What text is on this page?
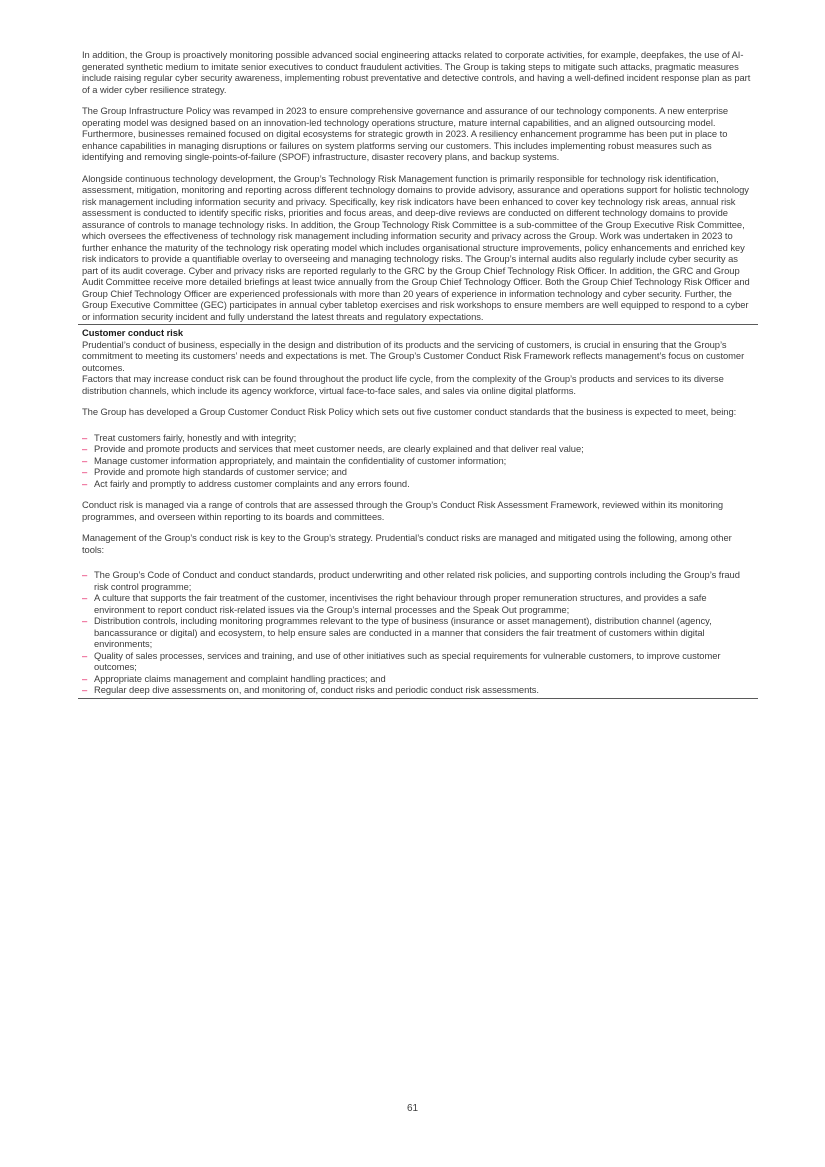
In addition, the Group is proactively monitoring possible advanced social engineering attacks related to corporate activities, for example, deepfakes, the use of AI-generated synthetic medium to imitate senior executives to conduct fraudulent activities. The Group is taking steps to mitigate such attacks, pragmatic measures include raising regular cyber security awareness, implementing robust preventative and detective controls, and having a well-defined incident response plan as part of a wider cyber resilience strategy.

The Group Infrastructure Policy was revamped in 2023 to ensure comprehensive governance and assurance of our technology components. A new enterprise operating model was designed based on an innovation-led technology operations structure, mature internal capabilities, and an aligned outsourcing model. Furthermore, businesses remained focused on digital ecosystems for strategic growth in 2023. A resiliency enhancement programme has been put in place to enhance capabilities in managing disruptions or failures on system platforms serving our customers. This includes implementing robust measures such as identifying and removing single-points-of-failure (SPOF) infrastructure, disaster recovery plans, and backup systems.

Alongside continuous technology development, the Group’s Technology Risk Management function is primarily responsible for technology risk identification, assessment, mitigation, monitoring and reporting across different technology domains to provide advisory, assurance and operations support for holistic technology risk management including information security and privacy. Specifically, key risk indicators have been enhanced to cover key technology risk areas, annual risk assessment is conducted to identify specific risks, priorities and focus areas, and deep-dive reviews are conducted on different technology domains to provide assurance of controls to manage technology risks. In addition, the Group Technology Risk Committee is a sub-committee of the Group Executive Risk Committee, which oversees the effectiveness of technology risk management including information security and privacy across the Group. Work was undertaken in 2023 to further enhance the maturity of the technology risk operating model which includes organisational structure improvements, policy enhancements and enriched key risk indicators to provide a quantifiable overlay to overseeing and managing technology risks. The Group’s internal audits also regularly include cyber security as part of its audit coverage. Cyber and privacy risks are reported regularly to the GRC by the Group Chief Technology Risk Officer. In addition, the GRC and Group Audit Committee receive more detailed briefings at least twice annually from the Group Chief Technology Officer. Both the Group Chief Technology Risk Officer and Group Chief Technology Officer are experienced professionals with more than 20 years of experience in information technology and cyber security. Further, the Group Executive Committee (GEC) participates in annual cyber tabletop exercises and risk workshops to ensure members are well equipped to respond to a cyber or information security incident and fully understand the latest threats and regulatory expectations.

Customer conduct risk

Prudential’s conduct of business, especially in the design and distribution of its products and the servicing of customers, is crucial in ensuring that the Group’s commitment to meeting its customers’ needs and expectations is met. The Group’s Customer Conduct Risk Framework reflects management’s focus on customer outcomes.

Factors that may increase conduct risk can be found throughout the product life cycle, from the complexity of the Group’s products and services to its diverse distribution channels, which include its agency workforce, virtual face-to-face sales, and sales via online digital platforms.

The Group has developed a Group Customer Conduct Risk Policy which sets out five customer conduct standards that the business is expected to meet, being:

– Treat customers fairly, honestly and with integrity;
– Provide and promote products and services that meet customer needs, are clearly explained and that deliver real value;
– Manage customer information appropriately, and maintain the confidentiality of customer information;
– Provide and promote high standards of customer service; and
– Act fairly and promptly to address customer complaints and any errors found.

Conduct risk is managed via a range of controls that are assessed through the Group’s Conduct Risk Assessment Framework, reviewed within its monitoring programmes, and overseen within reporting to its boards and committees.

Management of the Group’s conduct risk is key to the Group’s strategy. Prudential’s conduct risks are managed and mitigated using the following, among other tools:

– The Group’s Code of Conduct and conduct standards, product underwriting and other related risk policies, and supporting controls including the Group’s fraud risk control programme;
– A culture that supports the fair treatment of the customer, incentivises the right behaviour through proper remuneration structures, and provides a safe environment to report conduct risk-related issues via the Group’s internal processes and the Speak Out programme;
– Distribution controls, including monitoring programmes relevant to the type of business (insurance or asset management), distribution channel (agency, bancassurance or digital) and ecosystem, to help ensure sales are conducted in a manner that considers the fair treatment of customers within digital environments;
– Quality of sales processes, services and training, and use of other initiatives such as special requirements for vulnerable customers, to improve customer outcomes;
– Appropriate claims management and complaint handling practices; and
– Regular deep dive assessments on, and monitoring of, conduct risks and periodic conduct risk assessments.
61
